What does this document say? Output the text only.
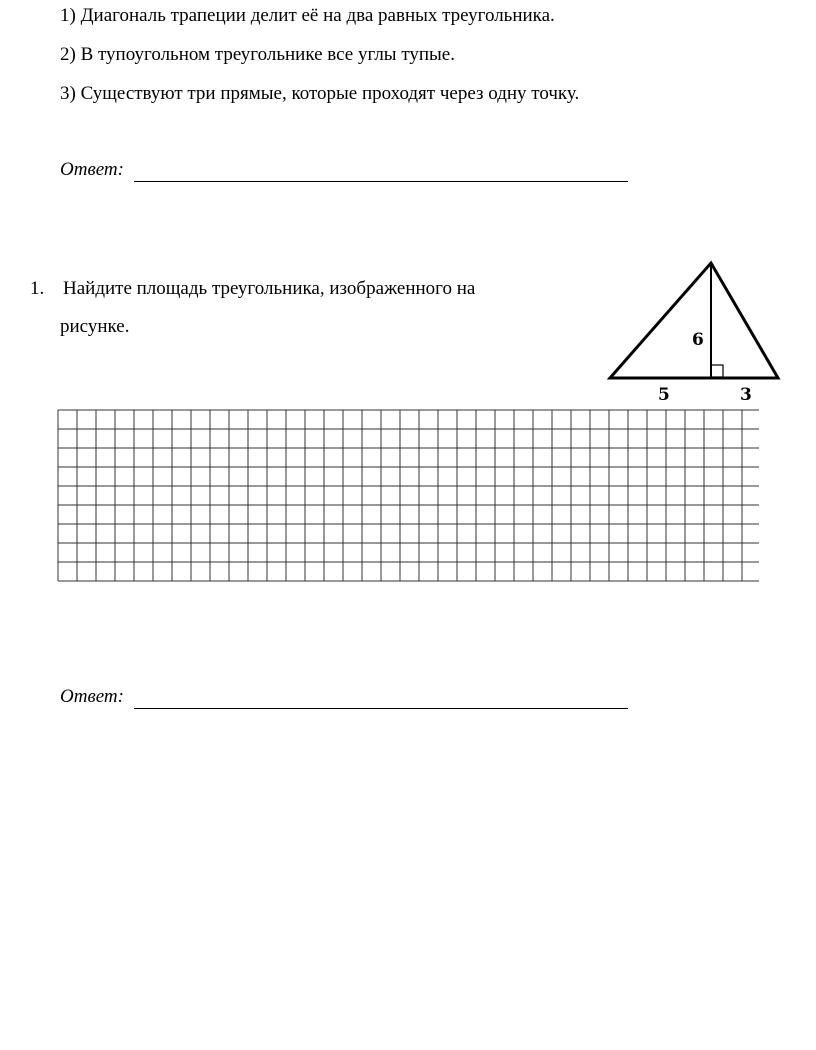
1) Диагональ трапеции делит её на два равных треугольника.
2) В тупоугольном треугольнике все углы тупые.
3) Существуют три прямые, которые проходят через одну точку.
Ответ:
1. Найдите площадь треугольника, изображенного на
рисунке.
6
5	3
Ответ:
